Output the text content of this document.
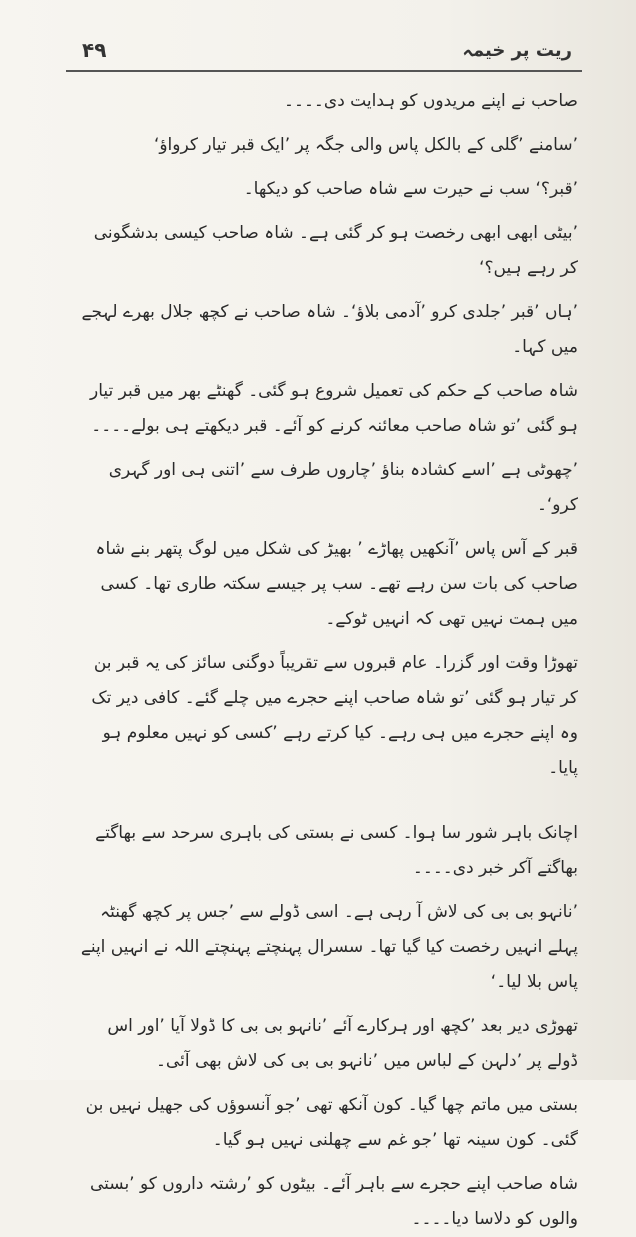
۴۹	ریت پر خیمہ

صاحب نے اپنے مریدوں کو ہدایت دی۔۔۔۔

’سامنے ’گلی کے بالکل پاس والی جگہ پر ’ایک قبر تیار کرواؤ‘

’قبر؟‘ سب نے حیرت سے شاہ صاحب کو دیکھا۔

’بیٹی ابھی ابھی رخصت ہو کر گئی ہے۔ شاہ صاحب کیسی بدشگونی کر رہے ہیں؟‘

’ہاں ’قبر ’جلدی کرو ’آدمی بلاؤ‘۔ شاہ صاحب نے کچھ جلال بھرے لہجے میں کہا۔

شاہ صاحب کے حکم کی تعمیل شروع ہو گئی۔ گھنٹے بھر میں قبر تیار ہو گئی ’تو شاہ صاحب معائنہ کرنے کو آئے۔ قبر دیکھتے ہی بولے۔۔۔۔

’چھوٹی ہے ’اسے کشادہ بناؤ ’چاروں طرف سے ’اتنی ہی اور گہری کرو‘۔

قبر کے آس پاس ’آنکھیں پھاڑے ’ بھیڑ کی شکل میں لوگ پتھر بنے شاہ صاحب کی بات سن رہے تھے۔ سب پر جیسے سکتہ طاری تھا۔ کسی میں ہمت نہیں تھی کہ انہیں ٹوکے۔

تھوڑا وقت اور گزرا۔ عام قبروں سے تقریباً دوگنی سائز کی یہ قبر بن کر تیار ہو گئی ’تو شاہ صاحب اپنے حجرے میں چلے گئے۔ کافی دیر تک وہ اپنے حجرے میں ہی رہے۔ کیا کرتے رہے ’کسی کو نہیں معلوم ہو پایا۔

اچانک باہر شور سا ہوا۔ کسی نے بستی کی باہری سرحد سے بھاگتے بھاگتے آکر خبر دی۔۔۔۔

’نانہو بی بی کی لاش آ رہی ہے۔ اسی ڈولے سے ’جس پر کچھ گھنٹہ پہلے انہیں رخصت کیا گیا تھا۔ سسرال پہنچتے پہنچتے اللہ نے انہیں اپنے پاس بلا لیا۔‘

تھوڑی دیر بعد ’کچھ اور ہرکارے آئے ’نانہو بی بی کا ڈولا آیا ’اور اس ڈولے پر ’دلہن کے لباس میں ’نانہو بی بی کی لاش بھی آئی۔

بستی میں ماتم چھا گیا۔ کون آنکھ تھی ’جو آنسوؤں کی جھیل نہیں بن گئی۔ کون سینہ تھا ’جو غم سے چھلنی نہیں ہو گیا۔

شاہ صاحب اپنے حجرے سے باہر آئے۔ بیٹوں کو ’رشتہ داروں کو ’بستی والوں کو دلاسا دیا۔۔۔۔
